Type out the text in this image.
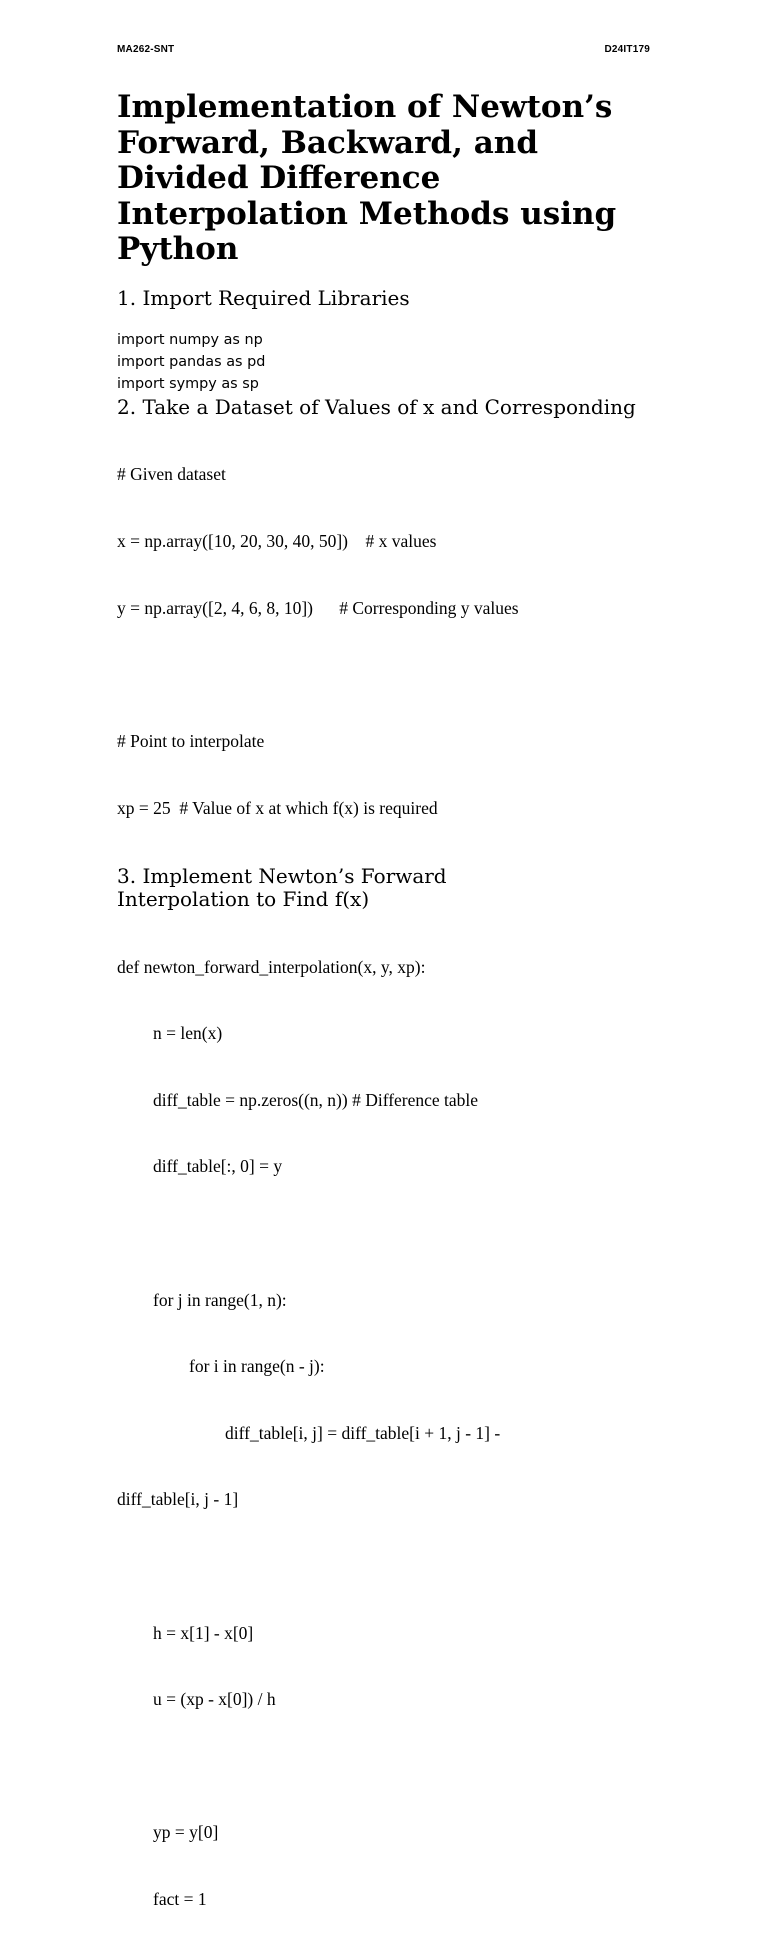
MA262-SNT	D24IT179
Implementation of Newton’s Forward, Backward, and Divided Difference Interpolation Methods using Python
1. Import Required Libraries
import numpy as np
import pandas as pd
import sympy as sp
2. Take a Dataset of Values of x and Corresponding

# Given dataset

x = np.array([10, 20, 30, 40, 50])    # x values

y = np.array([2, 4, 6, 8, 10])      # Corresponding y values

# Point to interpolate

xp = 25  # Value of x at which f(x) is required

3. Implement Newton’s Forward
Interpolation to Find f(x)

def newton_forward_interpolation(x, y, xp):

n = len(x)

diff_table = np.zeros((n, n)) # Difference table

diff_table[:, 0] = y

for j in range(1, n):

for i in range(n - j):

diff_table[i, j] = diff_table[i + 1, j - 1] -

diff_table[i, j - 1]

h = x[1] - x[0]

u = (xp - x[0]) / h

yp = y[0]

fact = 1
